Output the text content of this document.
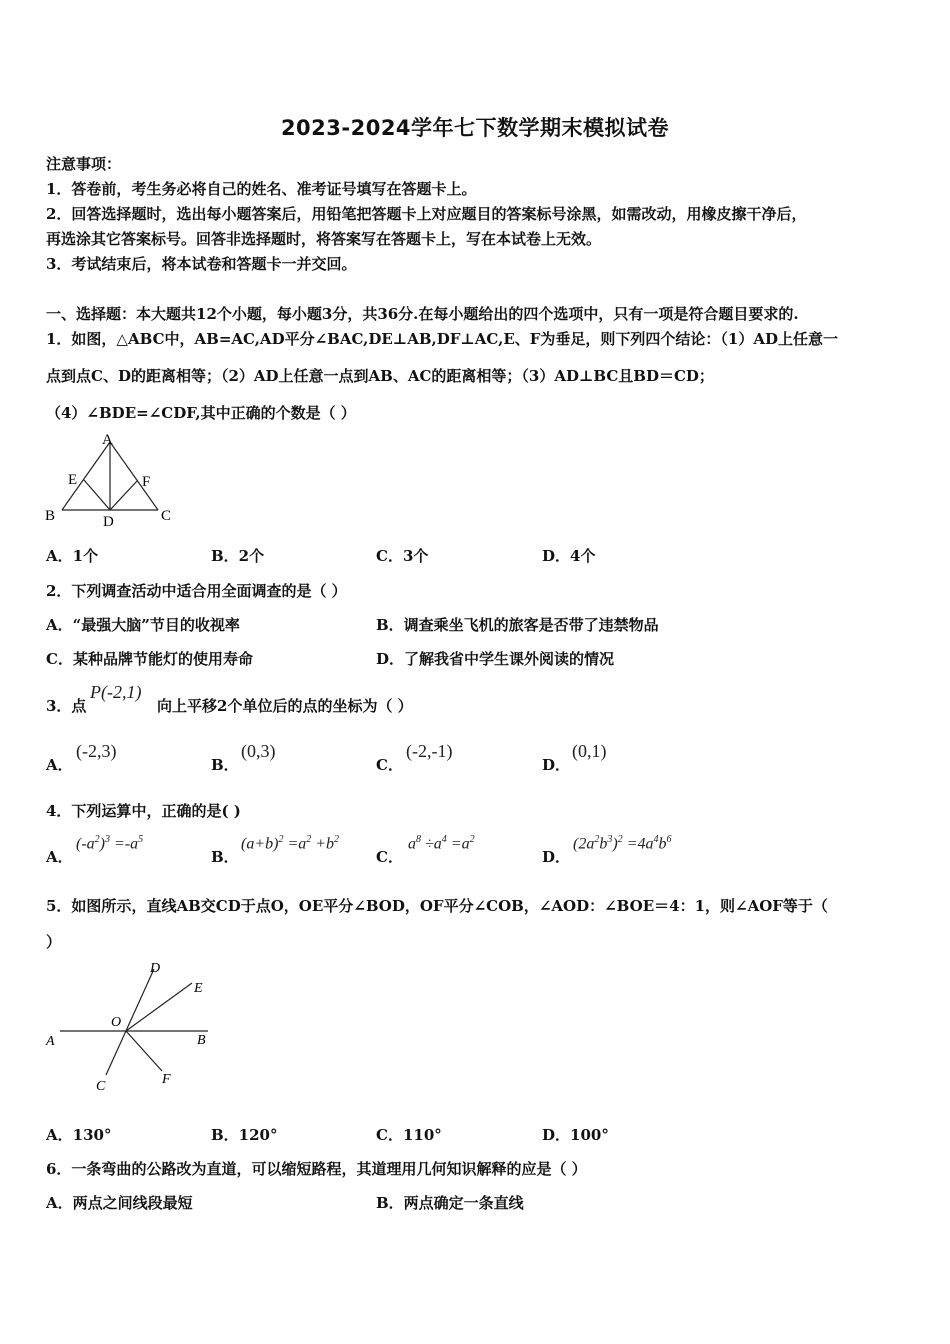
2023-2024学年七下数学期末模拟试卷
注意事项：
1．答卷前，考生务必将自己的姓名、准考证号填写在答题卡上。
2．回答选择题时，选出每小题答案后，用铅笔把答题卡上对应题目的答案标号涂黑，如需改动，用橡皮擦干净后，
再选涂其它答案标号。回答非选择题时，将答案写在答题卡上，写在本试卷上无效。
3．考试结束后，将本试卷和答题卡一并交回。
一、选择题：本大题共12个小题，每小题3分，共36分.在每小题给出的四个选项中，只有一项是符合题目要求的.
1．如图，△ABC中，AB=AC,AD平分∠BAC,DE⊥AB,DF⊥AC,E、F为垂足，则下列四个结论：（1）AD上任意一
点到点C、D的距离相等；（2）AD上任意一点到AB、AC的距离相等；（3）AD⊥BC且BD＝CD；
（4）∠BDE=∠CDF,其中正确的个数是（ ）
A
E	F
B	D	C
A．1个	B．2个	C．3个	D．4个
2．下列调查活动中适合用全面调查的是（ ）
A．“最强大脑”节目的收视率	B．调查乘坐飞机的旅客是否带了违禁物品
C．某种品牌节能灯的使用寿命	D．了解我省中学生课外阅读的情况
3．点
P(-2,1)
向上平移2个单位后的点的坐标为（ ）
A．
(-2,3)
B．
(0,3)
C．
(-2,-1)
D．
(0,1)
4．下列运算中，正确的是( )
A．
$(-a^2)^3 =-a^5$
B．
$(a+b)^2 =a^2 +b^2$
C．
$a^8 \div a^4 =a^2$
D．
$(2a^2b^3)^2 =4a^4b^6$
5．如图所示，直线AB交CD于点O，OE平分∠BOD，OF平分∠COB，∠AOD：∠BOE＝4：1，则∠AOF等于（
）
D
E
O
A	B
C	F
A．130°	B．120°	C．110°	D．100°
6．一条弯曲的公路改为直道，可以缩短路程，其道理用几何知识解释的应是（ ）
A．两点之间线段最短	B．两点确定一条直线
